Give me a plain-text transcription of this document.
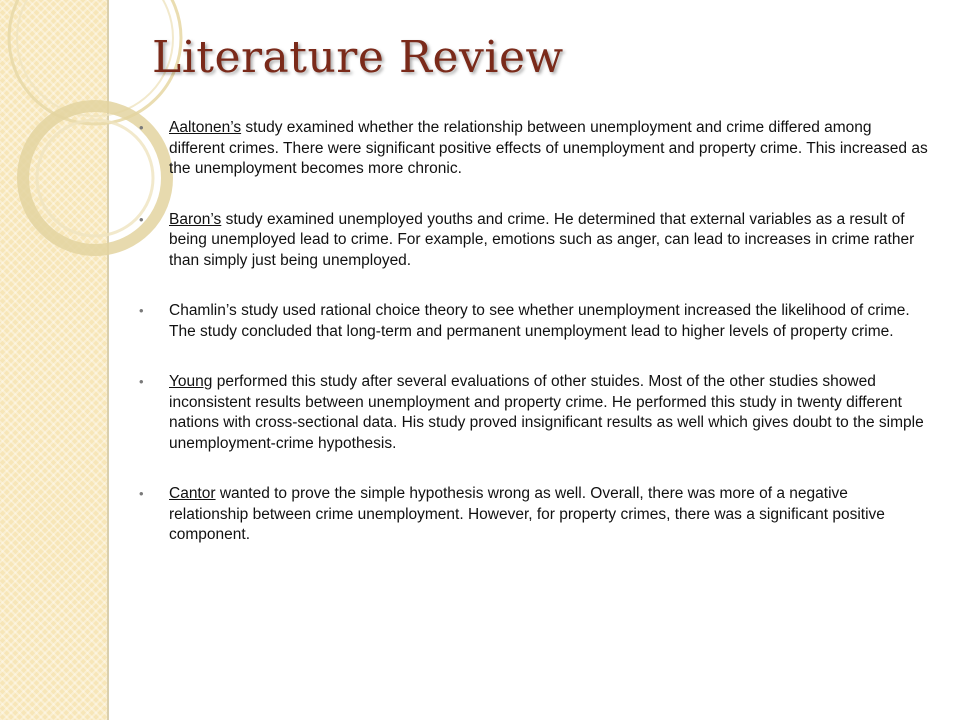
Literature Review
• Aaltonen’s study examined whether the relationship between unemployment and crime differed among different crimes. There were significant positive effects of unemployment and property crime. This increased as the unemployment becomes more chronic.
• Baron’s study examined unemployed youths and crime. He determined that external variables as a result of being unemployed lead to crime. For example, emotions such as anger, can lead to increases in crime rather than simply just being unemployed.
• Chamlin’s study used rational choice theory to see whether unemployment increased the likelihood of crime. The study concluded that long-term and permanent unemployment lead to higher levels of property crime.
• Young performed this study after several evaluations of other stuides. Most of the other studies showed inconsistent results between unemployment and property crime. He performed this study in twenty different nations with cross-sectional data. His study proved insignificant results as well which gives doubt to the simple unemployment-crime hypothesis.
• Cantor wanted to prove the simple hypothesis wrong as well. Overall, there was more of a negative relationship between crime unemployment. However, for property crimes, there was a significant positive component.
